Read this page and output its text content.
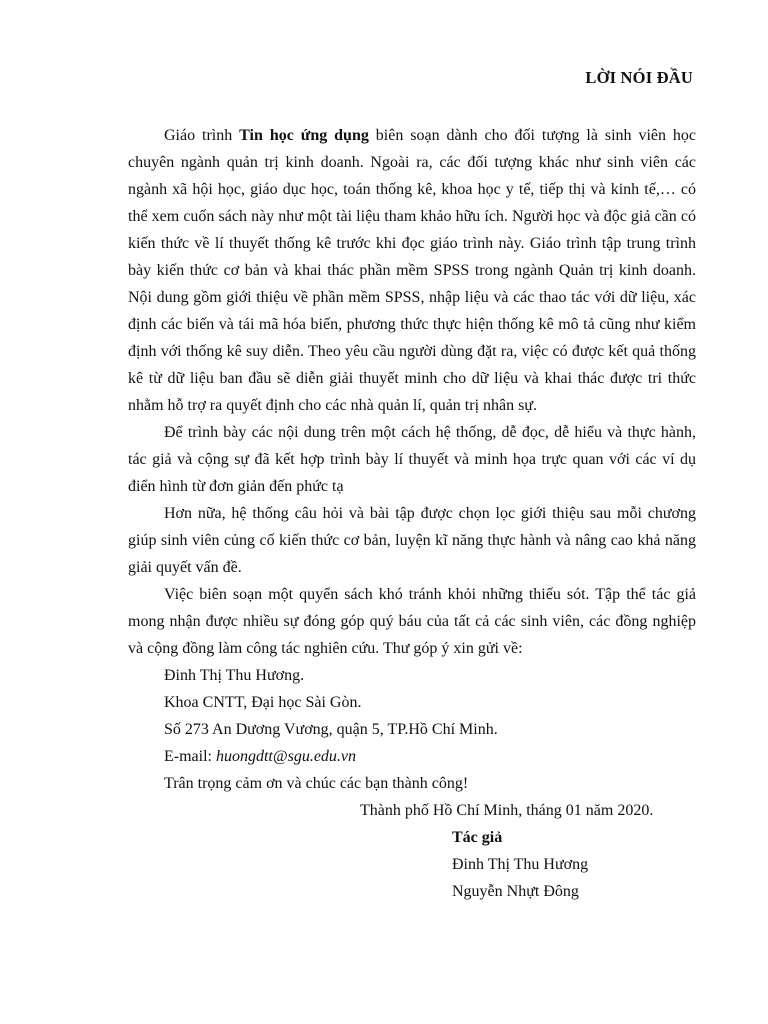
LỜI NÓI ĐẦU

Giáo trình Tin học ứng dụng biên soạn dành cho đối tượng là sinh viên học chuyên ngành quản trị kinh doanh. Ngoài ra, các đối tượng khác như sinh viên các ngành xã hội học, giáo dục học, toán thống kê, khoa học y tế, tiếp thị và kinh tế,… có thể xem cuốn sách này như một tài liệu tham khảo hữu ích. Người học và độc giả cần có kiến thức về lí thuyết thống kê trước khi đọc giáo trình này. Giáo trình tập trung trình bày kiến thức cơ bản và khai thác phần mềm SPSS trong ngành Quản trị kinh doanh. Nội dung gồm giới thiệu về phần mềm SPSS, nhập liệu và các thao tác với dữ liệu, xác định các biến và tái mã hóa biến, phương thức thực hiện thống kê mô tả cũng như kiểm định với thống kê suy diễn. Theo yêu cầu người dùng đặt ra, việc có được kết quả thống kê từ dữ liệu ban đầu sẽ diễn giải thuyết minh cho dữ liệu và khai thác được tri thức nhằm hỗ trợ ra quyết định cho các nhà quản lí, quản trị nhân sự.

Để trình bày các nội dung trên một cách hệ thống, dễ đọc, dễ hiểu và thực hành, tác giả và cộng sự đã kết hợp trình bày lí thuyết và minh họa trực quan với các ví dụ điển hình từ đơn giản đến phức tạ

Hơn nữa, hệ thống câu hỏi và bài tập được chọn lọc giới thiệu sau mỗi chương giúp sinh viên củng cố kiến thức cơ bản, luyện kĩ năng thực hành và nâng cao khả năng giải quyết vấn đề.

Việc biên soạn một quyển sách khó tránh khỏi những thiếu sót. Tập thể tác giả mong nhận được nhiều sự đóng góp quý báu của tất cả các sinh viên, các đồng nghiệp và cộng đồng làm công tác nghiên cứu. Thư góp ý xin gửi về:

Đinh Thị Thu Hương.

Khoa CNTT, Đại học Sài Gòn.

Số 273 An Dương Vương, quận 5, TP.Hồ Chí Minh.

E-mail: huongdtt@sgu.edu.vn

Trân trọng cảm ơn và chúc các bạn thành công!

Thành phố Hồ Chí Minh, tháng 01 năm 2020.

Tác giả

Đinh Thị Thu Hương

Nguyễn Nhựt Đông
